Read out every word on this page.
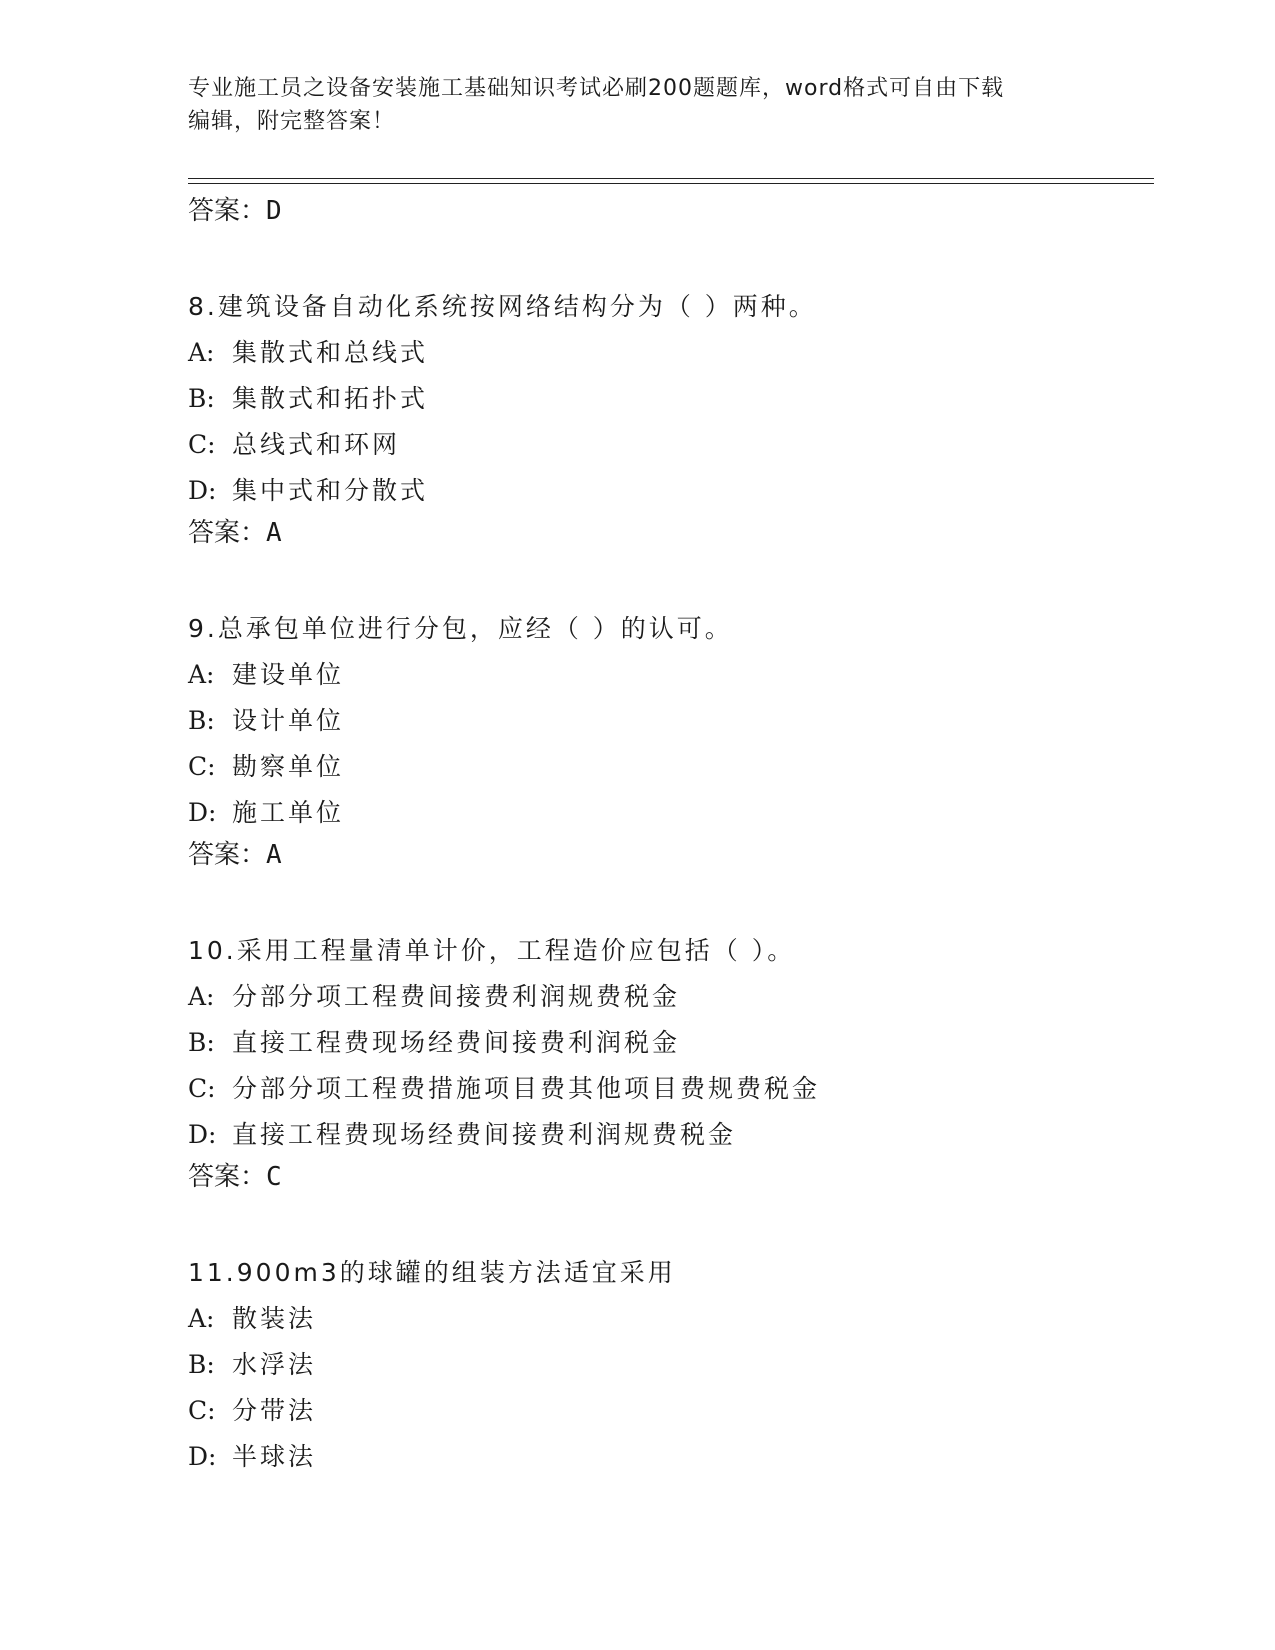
专业施工员之设备安装施工基础知识考试必刷200题题库，word格式可自由下载
编辑，附完整答案！
答案：D
8.建筑设备自动化系统按网络结构分为（ ）两种。
A: 集散式和总线式
B: 集散式和拓扑式
C: 总线式和环网
D: 集中式和分散式
答案：A
9.总承包单位进行分包，应经（ ）的认可。
A: 建设单位
B: 设计单位
C: 勘察单位
D: 施工单位
答案：A
10.采用工程量清单计价，工程造价应包括（ ）。
A: 分部分项工程费间接费利润规费税金
B: 直接工程费现场经费间接费利润税金
C: 分部分项工程费措施项目费其他项目费规费税金
D: 直接工程费现场经费间接费利润规费税金
答案：C
11.900m3的球罐的组装方法适宜采用
A: 散装法
B: 水浮法
C: 分带法
D: 半球法
